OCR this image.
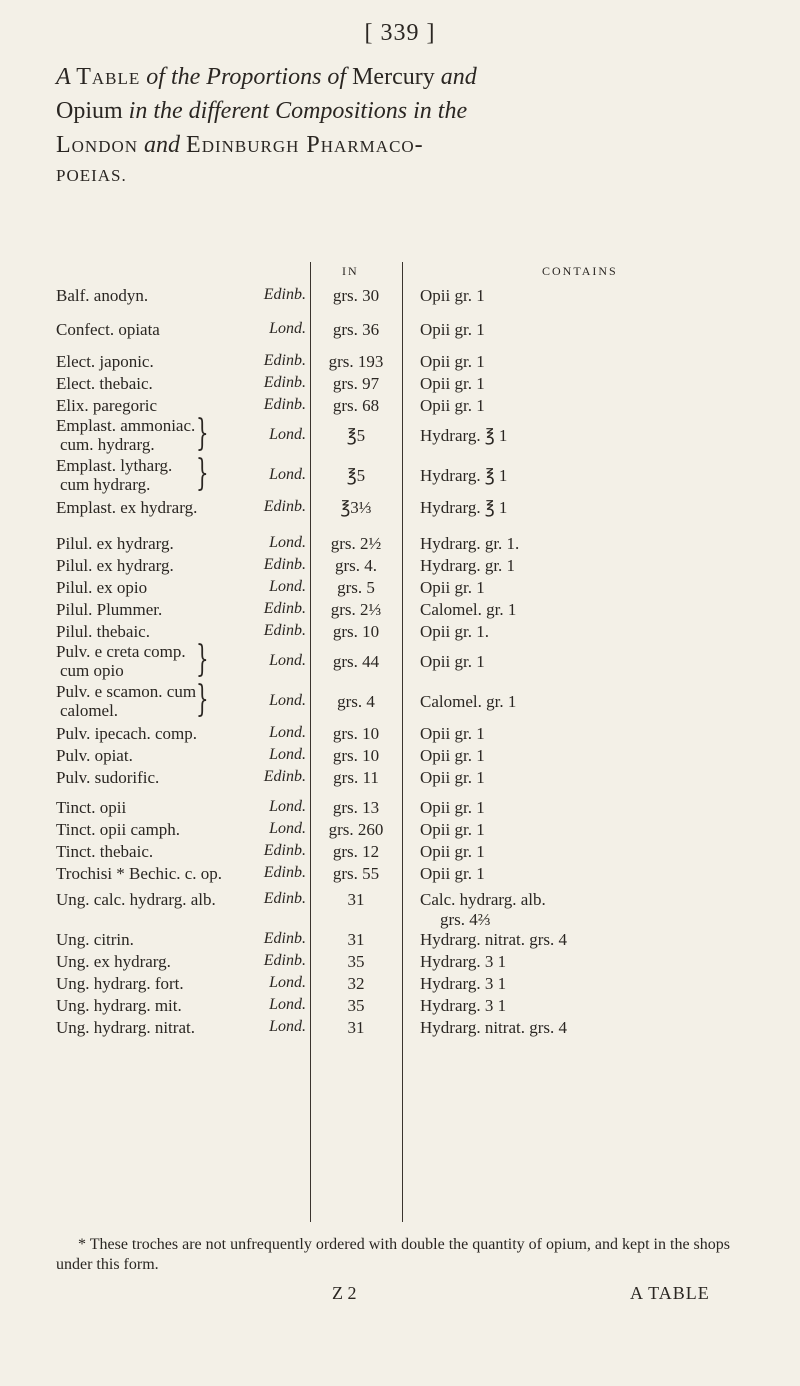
[ 339 ]
A Table of the Proportions of Mercury and
Opium in the different Compositions in the
London and Edinburgh Pharmaco-
POEIAS.
IN	CONTAINS
Balf. anodyn.	Edinb.	grs. 30	Opii gr. 1
Confect. opiata	Lond.	grs. 36	Opii gr. 1
Elect. japonic.	Edinb.	grs. 193	Opii gr. 1
Elect. thebaic.	Edinb.	grs. 97	Opii gr. 1
Elix. paregoric	Edinb.	grs. 68	Opii gr. 1
Emplast. ammoniac.
cum. hydrarg.	}	Lond.	℥5	Hydrarg. ℥ 1
Emplast. lytharg.
cum hydrarg.	}	Lond.	℥5	Hydrarg. ℥ 1
Emplast. ex hydrarg.	Edinb.	℥3⅓	Hydrarg. ℥ 1
Pilul. ex hydrarg.	Lond.	grs. 2½	Hydrarg. gr. 1.
Pilul. ex hydrarg.	Edinb.	grs. 4.	Hydrarg. gr. 1
Pilul. ex opio	Lond.	grs. 5	Opii gr. 1
Pilul. Plummer.	Edinb.	grs. 2⅓	Calomel. gr. 1
Pilul. thebaic.	Edinb.	grs. 10	Opii gr. 1.
Pulv. e creta comp.
cum opio	}	Lond.	grs. 44	Opii gr. 1
Pulv. e scamon. cum
calomel.	}	Lond.	grs. 4	Calomel. gr. 1
Pulv. ipecach. comp.	Lond.	grs. 10	Opii gr. 1
Pulv. opiat.	Lond.	grs. 10	Opii gr. 1
Pulv. sudorific.	Edinb.	grs. 11	Opii gr. 1
Tinct. opii	Lond.	grs. 13	Opii gr. 1
Tinct. opii camph.	Lond.	grs. 260	Opii gr. 1
Tinct. thebaic.	Edinb.	grs. 12	Opii gr. 1
Trochisi * Bechic. c. op.	Edinb.	grs. 55	Opii gr. 1
Ung. calc. hydrarg. alb.	Edinb.	31	Calc. hydrarg. alb.
grs. 4⅔
Ung. citrin.	Edinb.	31	Hydrarg. nitrat. grs. 4
Ung. ex hydrarg.	Edinb.	35	Hydrarg. 3 1
Ung. hydrarg. fort.	Lond.	32	Hydrarg. 3 1
Ung. hydrarg. mit.	Lond.	35	Hydrarg. 3 1
Ung. hydrarg. nitrat.	Lond.	31	Hydrarg. nitrat. grs. 4
* These troches are not unfrequently ordered with double the quantity of opium, and kept in the shops under this form.
Z 2	A TABLE
